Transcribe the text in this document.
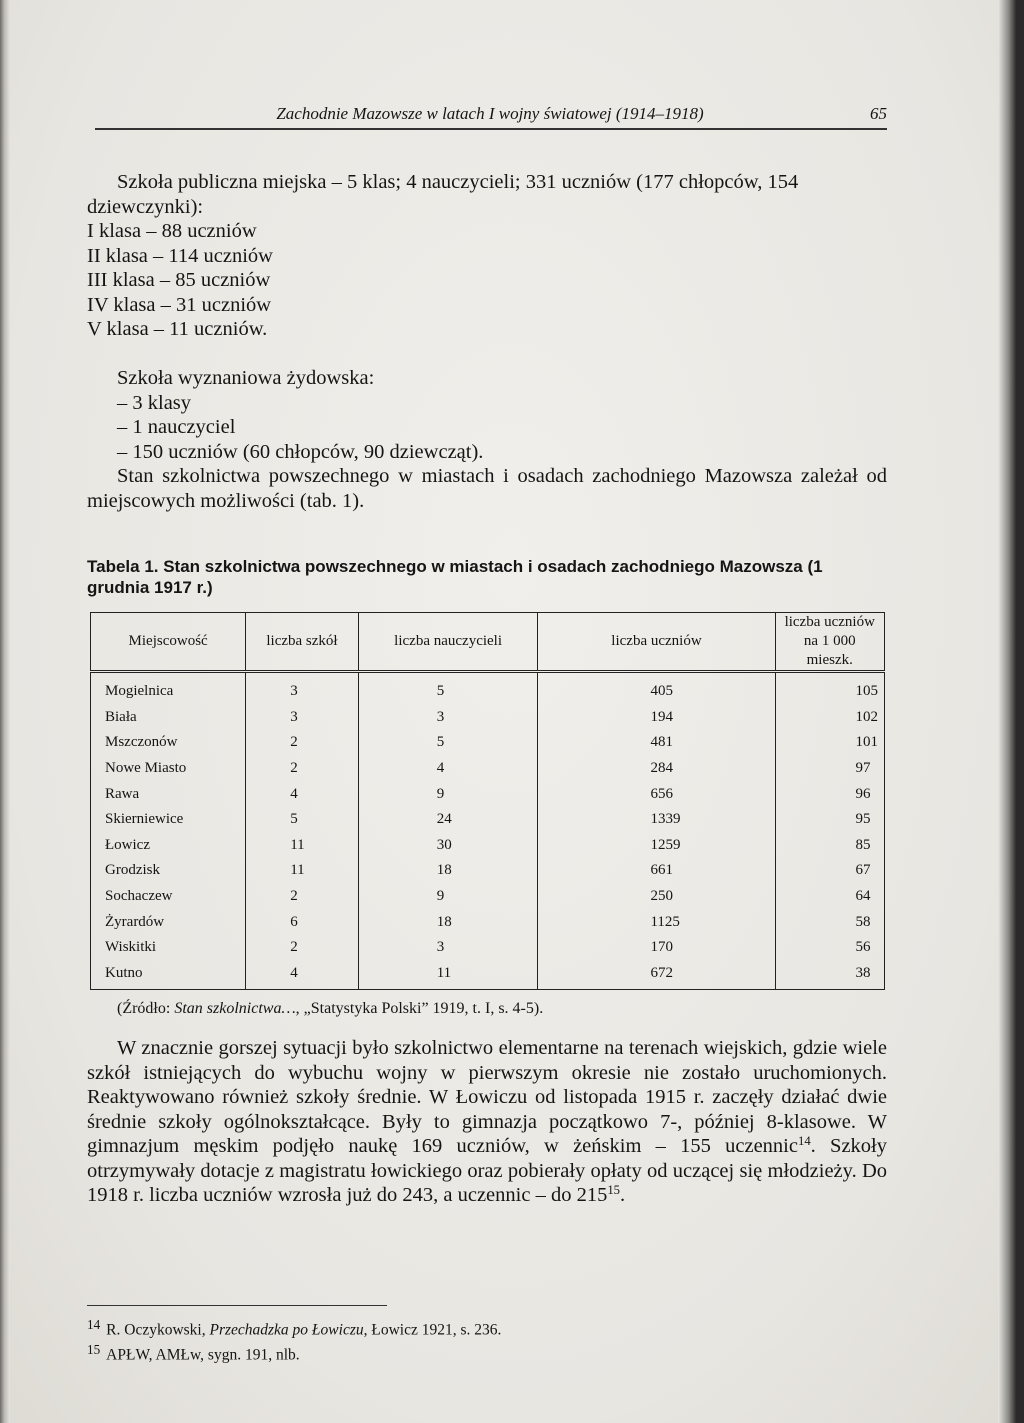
Zachodnie Mazowsze w latach I wojny światowej (1914–1918)	65

Szkoła publiczna miejska – 5 klas; 4 nauczycieli; 331 uczniów (177 chłopców, 154 dziewczynki):

I klasa – 88 uczniów

II klasa – 114 uczniów

III klasa – 85 uczniów

IV klasa – 31 uczniów

V klasa – 11 uczniów.

Szkoła wyznaniowa żydowska:

– 3 klasy

– 1 nauczyciel

– 150 uczniów (60 chłopców, 90 dziewcząt).

Stan szkolnictwa powszechnego w miastach i osadach zachodniego Mazowsza zależał od miejscowych możliwości (tab. 1).

Tabela 1. Stan szkolnictwa powszechnego w miastach i osadach zachodniego Mazowsza (1 grudnia 1917 r.)
Miejscowość	liczba szkół	liczba nauczycieli	liczba uczniów	liczba uczniów na 1 000 mieszk.
Mogielnica	3	5	405	105
Biała	3	3	194	102
Mszczonów	2	5	481	101
Nowe Miasto	2	4	284	97
Rawa	4	9	656	96
Skierniewice	5	24	1339	95
Łowicz	11	30	1259	85
Grodzisk	11	18	661	67
Sochaczew	2	9	250	64
Żyrardów	6	18	1125	58
Wiskitki	2	3	170	56
Kutno	4	11	672	38
(Źródło: Stan szkolnictwa…, „Statystyka Polski” 1919, t. I, s. 4-5).

W znacznie gorszej sytuacji było szkolnictwo elementarne na terenach wiejskich, gdzie wiele szkół istniejących do wybuchu wojny w pierwszym okresie nie zostało uruchomionych. Reaktywowano również szkoły średnie. W Łowiczu od listopada 1915 r. zaczęły działać dwie średnie szkoły ogólnokształcące. Były to gimnazja początkowo 7-, później 8-klasowe. W gimnazjum męskim podjęło naukę 169 uczniów, w żeńskim – 155 uczennic$^{14}$. Szkoły otrzymywały dotacje z magistratu łowickiego oraz pobierały opłaty od uczącej się młodzieży. Do 1918 r. liczba uczniów wzrosła już do 243, a uczennic – do $215^{15}$.

14 R. Oczykowski, Przechadzka po Łowiczu, Łowicz 1921, s. 236.
15 APŁW, AMŁw, sygn. 191, nlb.
